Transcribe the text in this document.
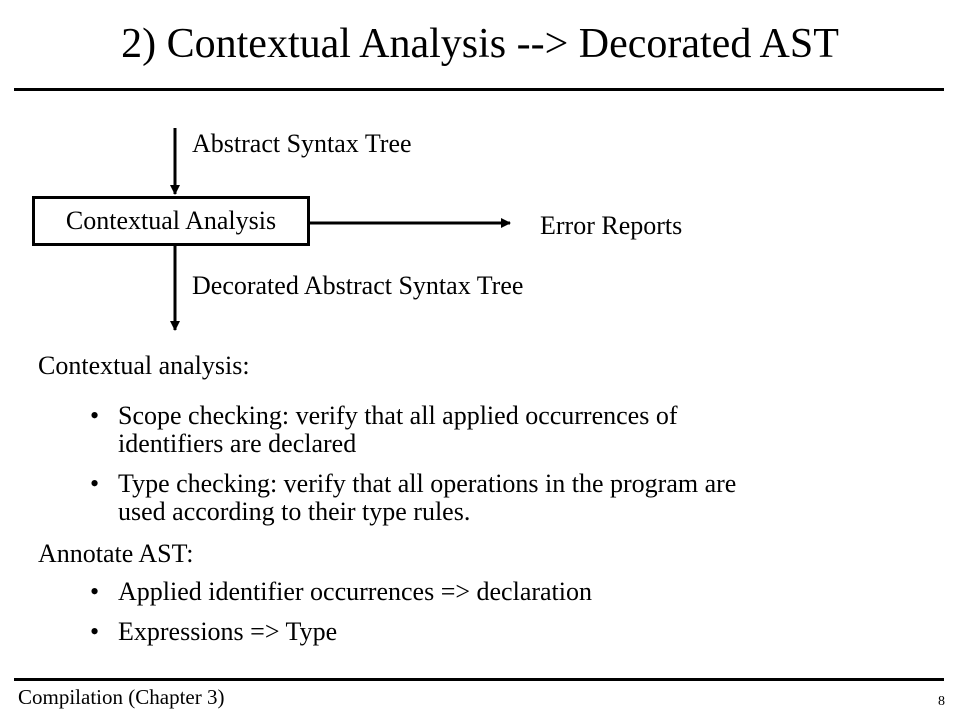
2) Contextual Analysis --> Decorated AST
Abstract Syntax Tree
Contextual Analysis	Error Reports
Decorated Abstract Syntax Tree
Contextual analysis:
• Scope checking: verify that all applied occurrences of
identifiers are declared
• Type checking: verify that all operations in the program are
used according to their type rules.
Annotate AST:
• Applied identifier occurrences => declaration
• Expressions => Type
Compilation (Chapter 3)	8
